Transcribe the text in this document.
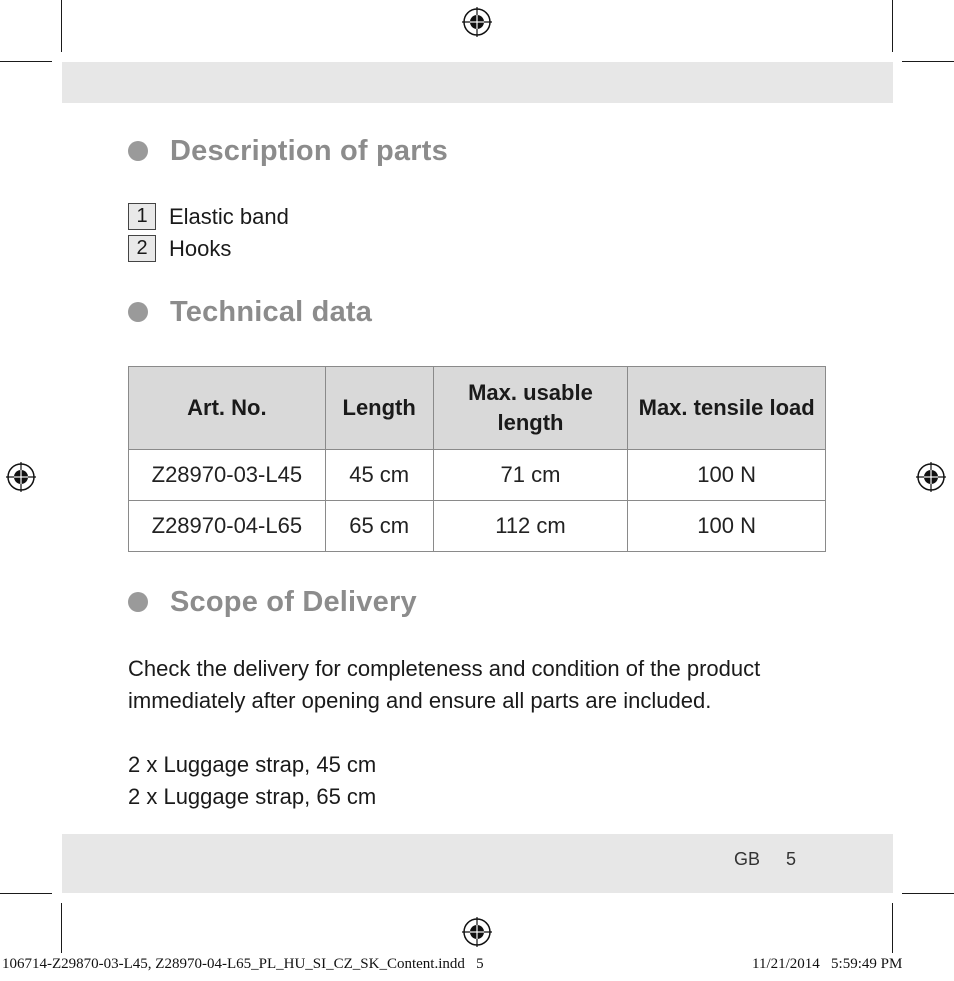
Description of parts
1 Elastic band
2 Hooks
Technical data
Art. No.	Length	Max. usable length	Max. tensile load
Z28970-03-L45	45 cm	71 cm	100 N
Z28970-04-L65	65 cm	112 cm	100 N
Scope of Delivery
Check the delivery for completeness and condition of the product
immediately after opening and ensure all parts are included.
2 x Luggage strap, 45 cm
2 x Luggage strap, 65 cm
GB 5
106714-Z29870-03-L45, Z28970-04-L65_PL_HU_SI_CZ_SK_Content.indd   5	11/21/2014   5:59:49 PM
